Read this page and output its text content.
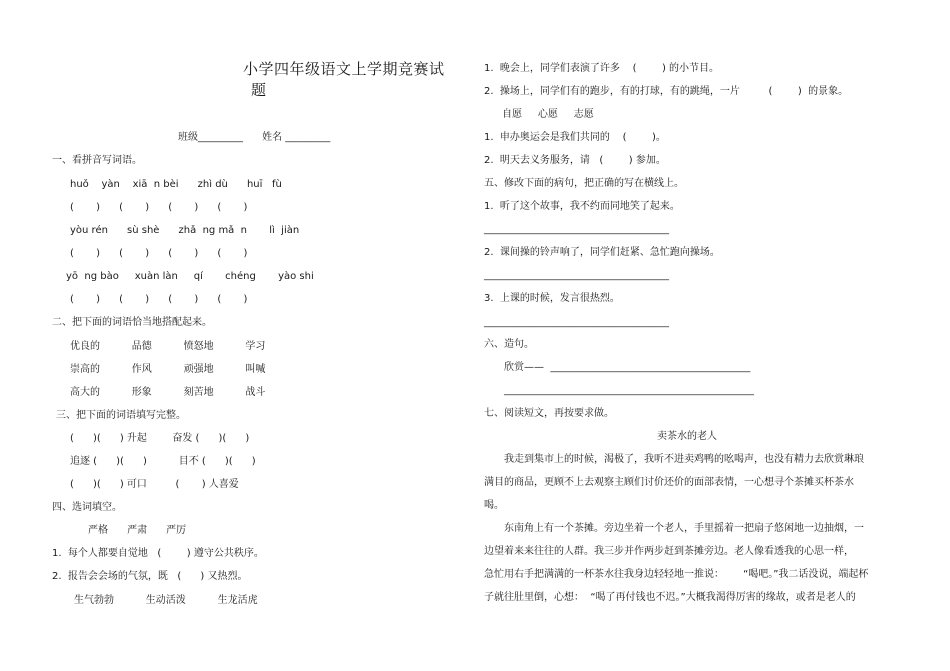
小学四年级语文上学期竞赛试
题
班级_________      姓名 _________
一、看拼音写词语。
huǒ    yàn    xiā  n bèi      zhì dù      huī   fù
(       )      (       )      (       )      (       )
yòu rén      sù shè      zhǎ  ng mǎ  n       lì  jiàn
(       )      (       )      (       )      (       )
yō  ng bào     xuàn làn     qí       chéng       yào shi
(       )      (       )      (       )      (       )
二、把下面的词语恰当地搭配起来。
优良的          品德          愤怒地          学习
崇高的          作风          顽强地          叫喊
高大的          形象          刻苦地          战斗
三、把下面的词语填写完整。
(      )(      ) 升起        奋发 (      )(      )
追逐 (      )(      )          目不 (      )(      )
(      )(      ) 可口         (       ) 人喜爱
四、选词填空。
严格      严肃      严厉
1.  每个人都要自觉地   (        ) 遵守公共秩序。
2.  报告会会场的气氛，既   (      ) 又热烈。
生气勃勃          生动活泼          生龙活虎
1.  晚会上，同学们表演了许多    (        ) 的小节目。
2.  操场上，同学们有的跑步，有的打球，有的跳绳，一片         (        )  的景象。
自愿     心愿     志愿
1.  申办奥运会是我们共同的    (        )。
2.  明天去义务服务，请   (        ) 参加。
五、修改下面的病句，把正确的写在横线上。
1.  听了这个故事，我不约而同地笑了起来。
_____________________________________
2.  课间操的铃声响了，同学们赶紧、急忙跑向操场。
_____________________________________
3.  上课的时候，发言很热烈。
_____________________________________
六、造句。
欣赏——  ________________________________________
__________________________________________________
七、阅读短文，再按要求做。
卖茶水的老人
我走到集市上的时候，渴极了，我听不进卖鸡鸭的吆喝声，也没有精力去欣赏琳琅
满目的商品，更顾不上去观察主顾们讨价还价的面部表情，一心想寻个茶摊买杯茶水
喝。
东南角上有一个茶摊。旁边坐着一个老人，手里摇着一把扇子悠闲地一边抽烟，一
边望着来来往往的人群。我三步并作两步赶到茶摊旁边。老人像看透我的心思一样，
急忙用右手把满满的一杯茶水往我身边轻轻地一推说：      “喝吧。”我二话没说，端起杯
子就往肚里倒，心想：  “喝了再付钱也不迟。”大概我渴得厉害的缘故，或者是老人的
